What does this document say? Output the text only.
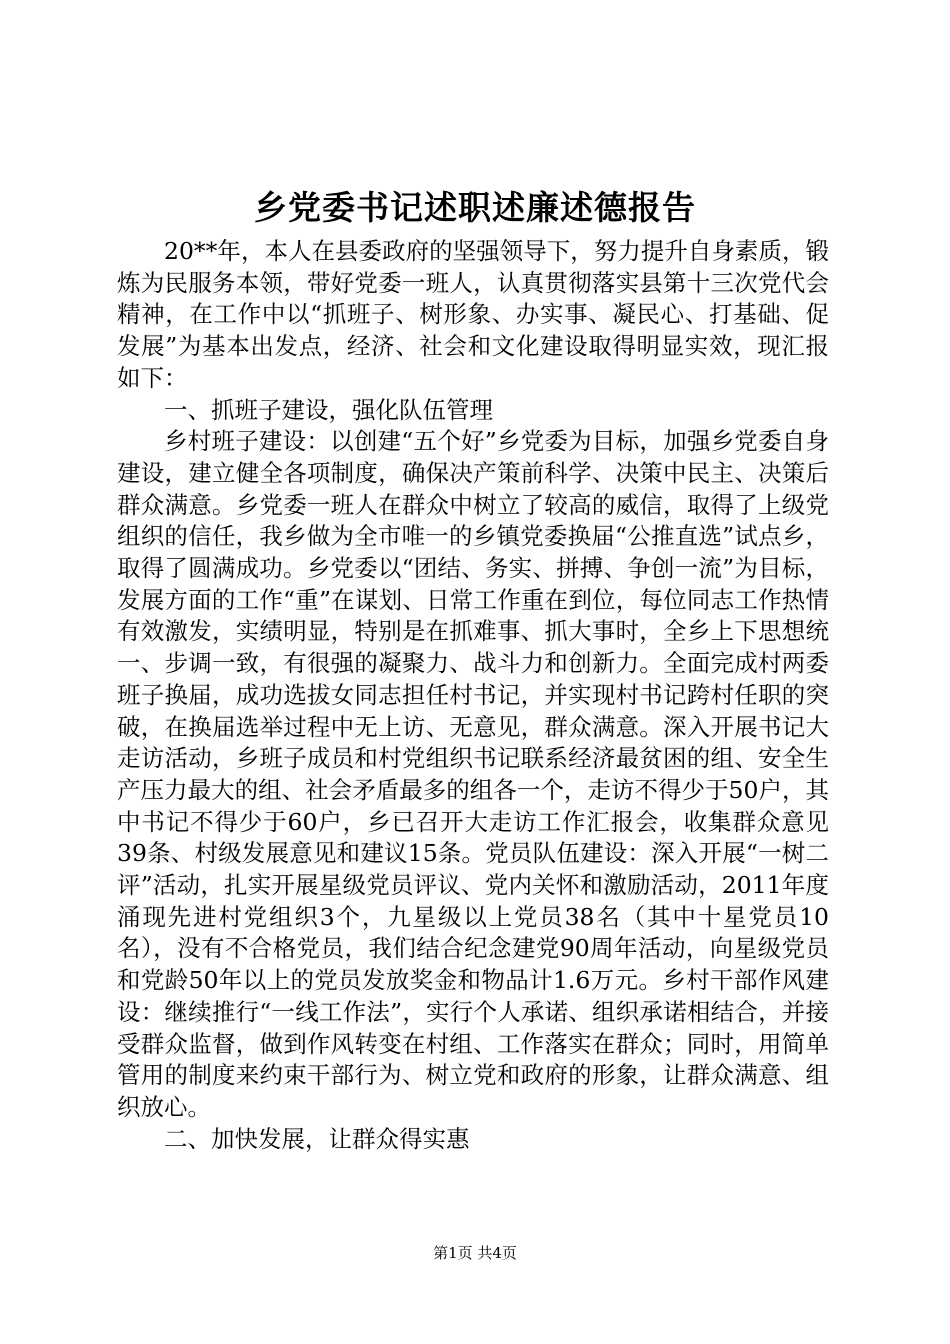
乡党委书记述职述廉述德报告

20**年，本人在县委政府的坚强领导下，努力提升自身素质，锻炼为民服务本领，带好党委一班人，认真贯彻落实县第十三次党代会精神，在工作中以“抓班子、树形象、办实事、凝民心、打基础、促发展”为基本出发点，经济、社会和文化建设取得明显实效，现汇报如下：

一、抓班子建设，强化队伍管理

乡村班子建设：以创建“五个好”乡党委为目标，加强乡党委自身建设，建立健全各项制度，确保决产策前科学、决策中民主、决策后群众满意。乡党委一班人在群众中树立了较高的威信，取得了上级党组织的信任，我乡做为全市唯一的乡镇党委换届“公推直选”试点乡，取得了圆满成功。乡党委以“团结、务实、拼搏、争创一流”为目标，发展方面的工作“重”在谋划、日常工作重在到位，每位同志工作热情有效激发，实绩明显，特别是在抓难事、抓大事时，全乡上下思想统一、步调一致，有很强的凝聚力、战斗力和创新力。全面完成村两委班子换届，成功选拔女同志担任村书记，并实现村书记跨村任职的突破，在换届选举过程中无上访、无意见，群众满意。深入开展书记大走访活动，乡班子成员和村党组织书记联系经济最贫困的组、安全生产压力最大的组、社会矛盾最多的组各一个，走访不得少于50户，其中书记不得少于60户，乡已召开大走访工作汇报会，收集群众意见39条、村级发展意见和建议15条。党员队伍建设：深入开展“一树二评”活动，扎实开展星级党员评议、党内关怀和激励活动，2011年度涌现先进村党组织3个，九星级以上党员38名（其中十星党员10名），没有不合格党员，我们结合纪念建党90周年活动，向星级党员和党龄50年以上的党员发放奖金和物品计1.6万元。乡村干部作风建设：继续推行“一线工作法”，实行个人承诺、组织承诺相结合，并接受群众监督，做到作风转变在村组、工作落实在群众；同时，用简单管用的制度来约束干部行为、树立党和政府的形象，让群众满意、组织放心。

二、加快发展，让群众得实惠

第1页 共4页
